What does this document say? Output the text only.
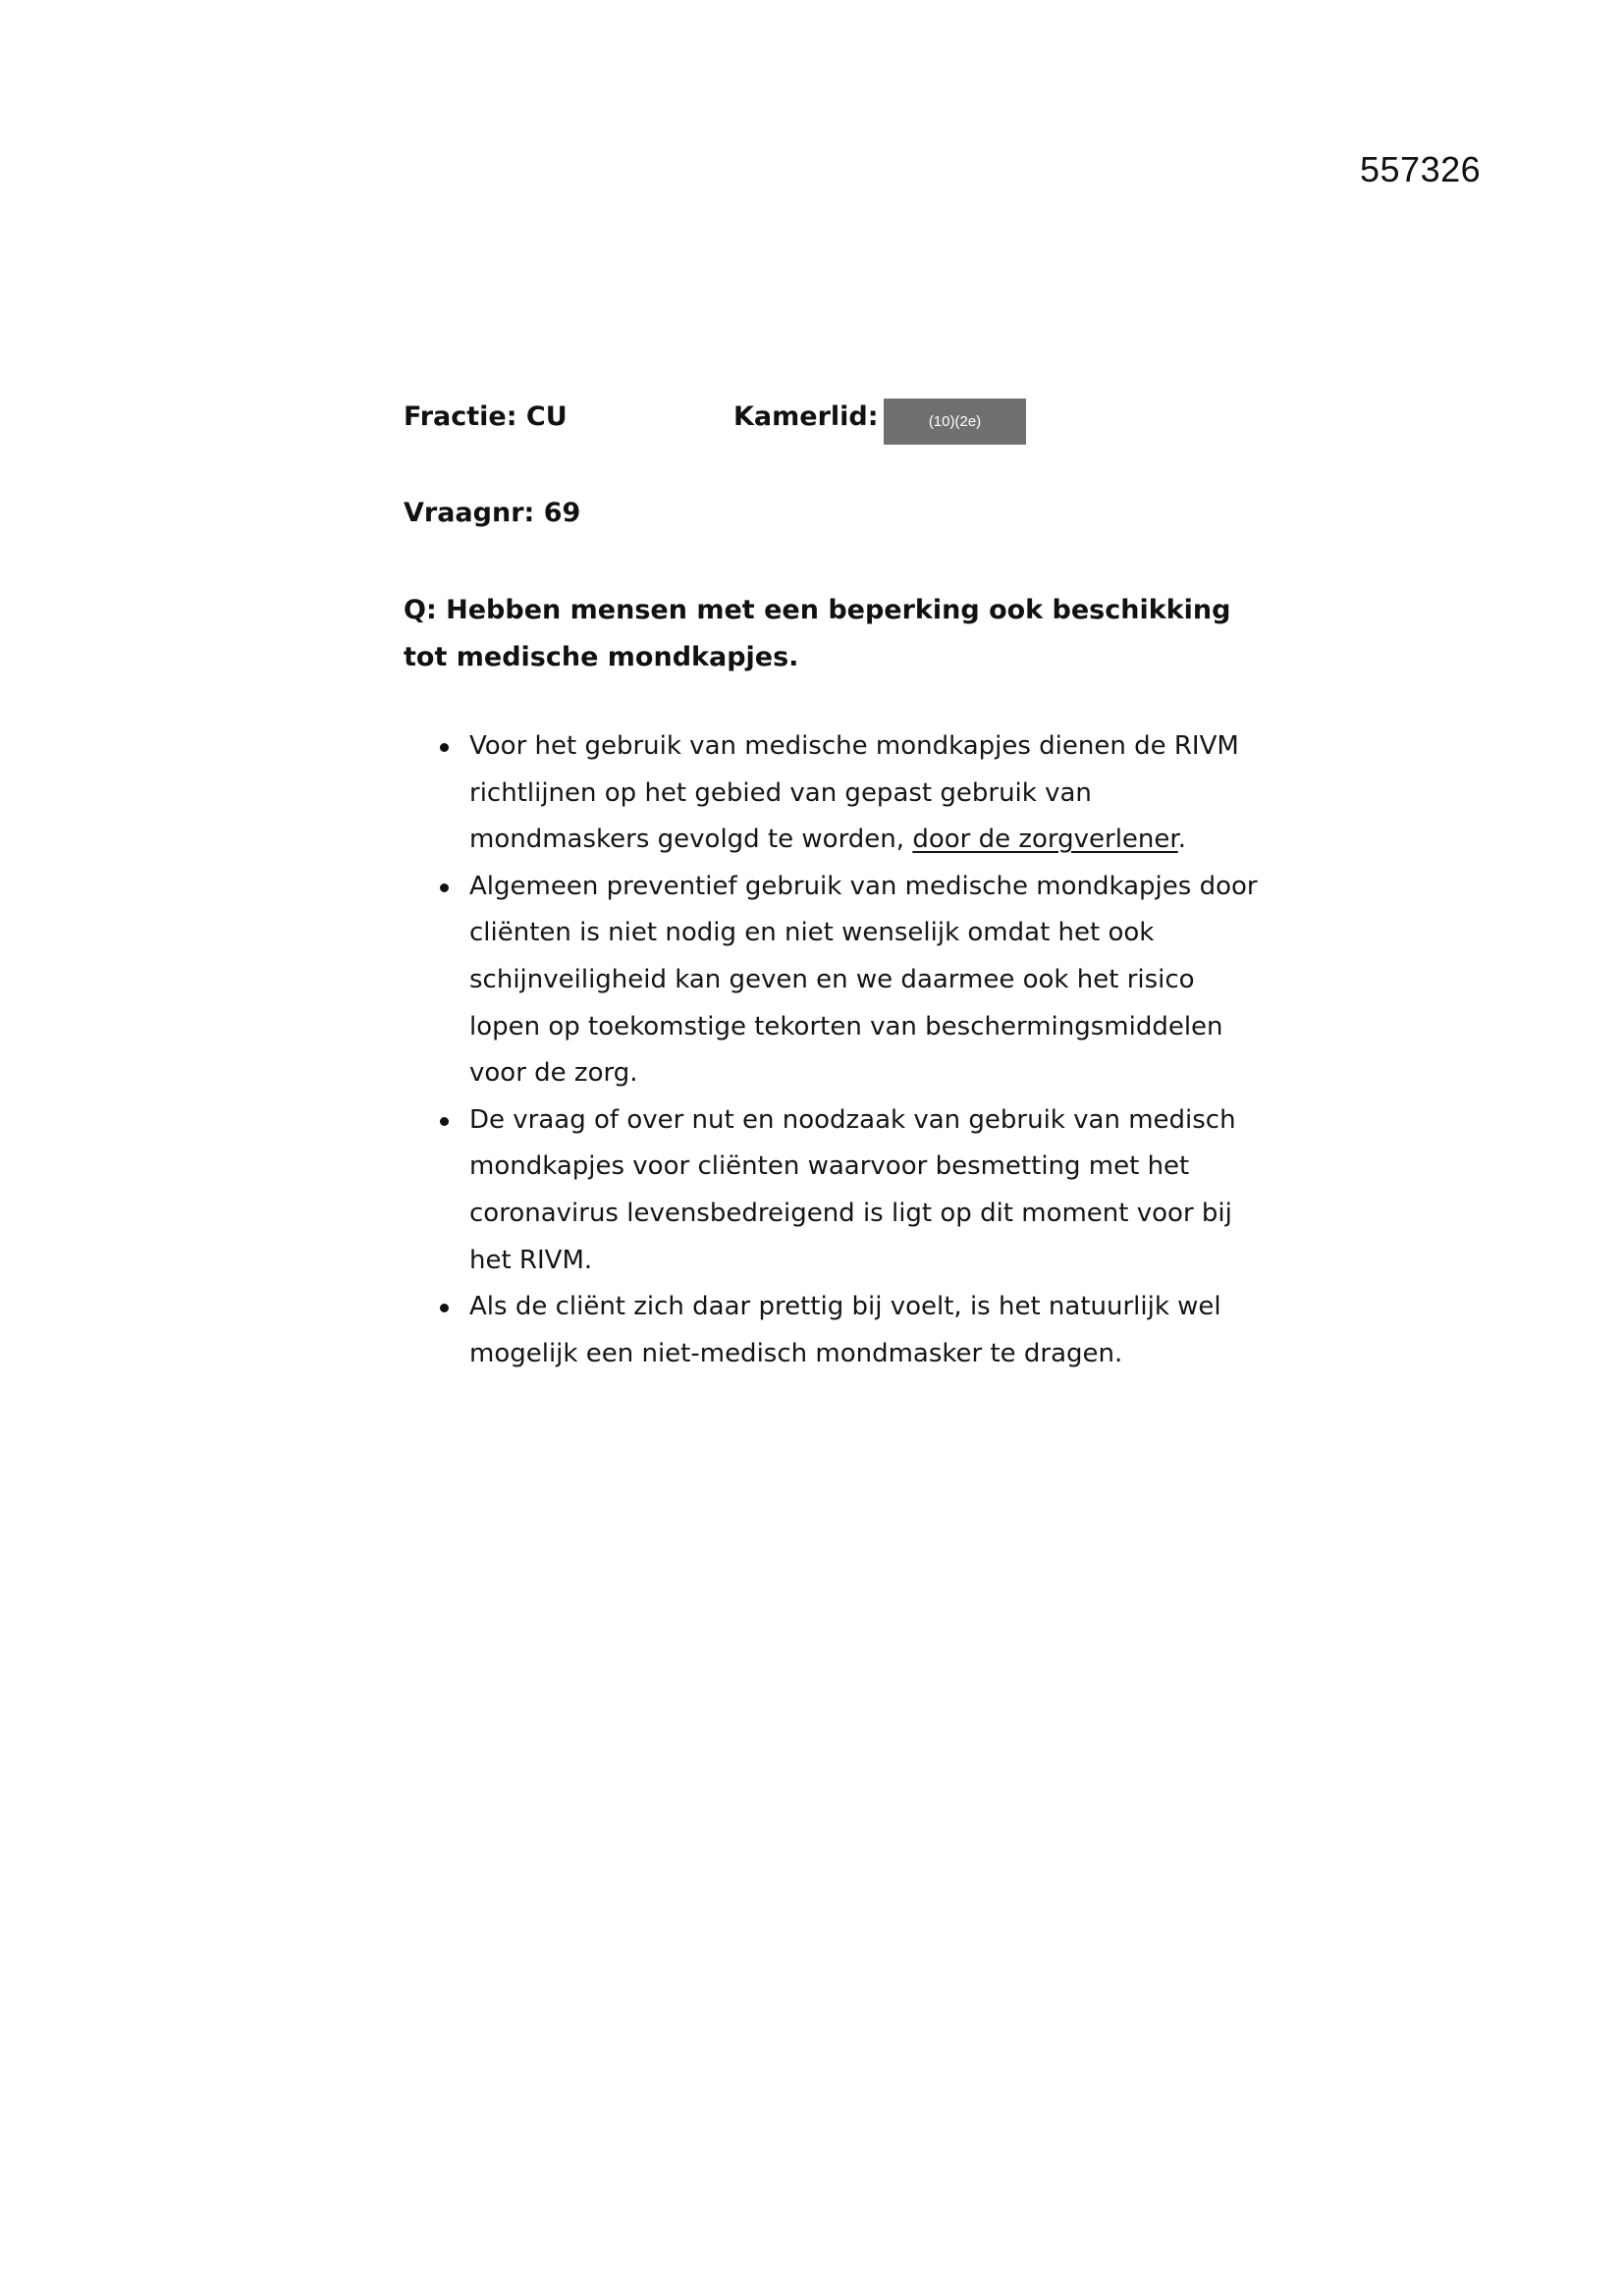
557326
Fractie: CU	Kamerlid:	(10)(2e)
Vraagnr: 69
Q: Hebben mensen met een beperking ook beschikking tot medische mondkapjes.
Voor het gebruik van medische mondkapjes dienen de RIVM richtlijnen op het gebied van gepast gebruik van mondmaskers gevolgd te worden, door de zorgverlener.
Algemeen preventief gebruik van medische mondkapjes door cliënten is niet nodig en niet wenselijk omdat het ook schijnveiligheid kan geven en we daarmee ook het risico lopen op toekomstige tekorten van beschermingsmiddelen voor de zorg.
De vraag of over nut en noodzaak van gebruik van medisch mondkapjes voor cliënten waarvoor besmetting met het coronavirus levensbedreigend is ligt op dit moment voor bij het RIVM.
Als de cliënt zich daar prettig bij voelt, is het natuurlijk wel mogelijk een niet-medisch mondmasker te dragen.
